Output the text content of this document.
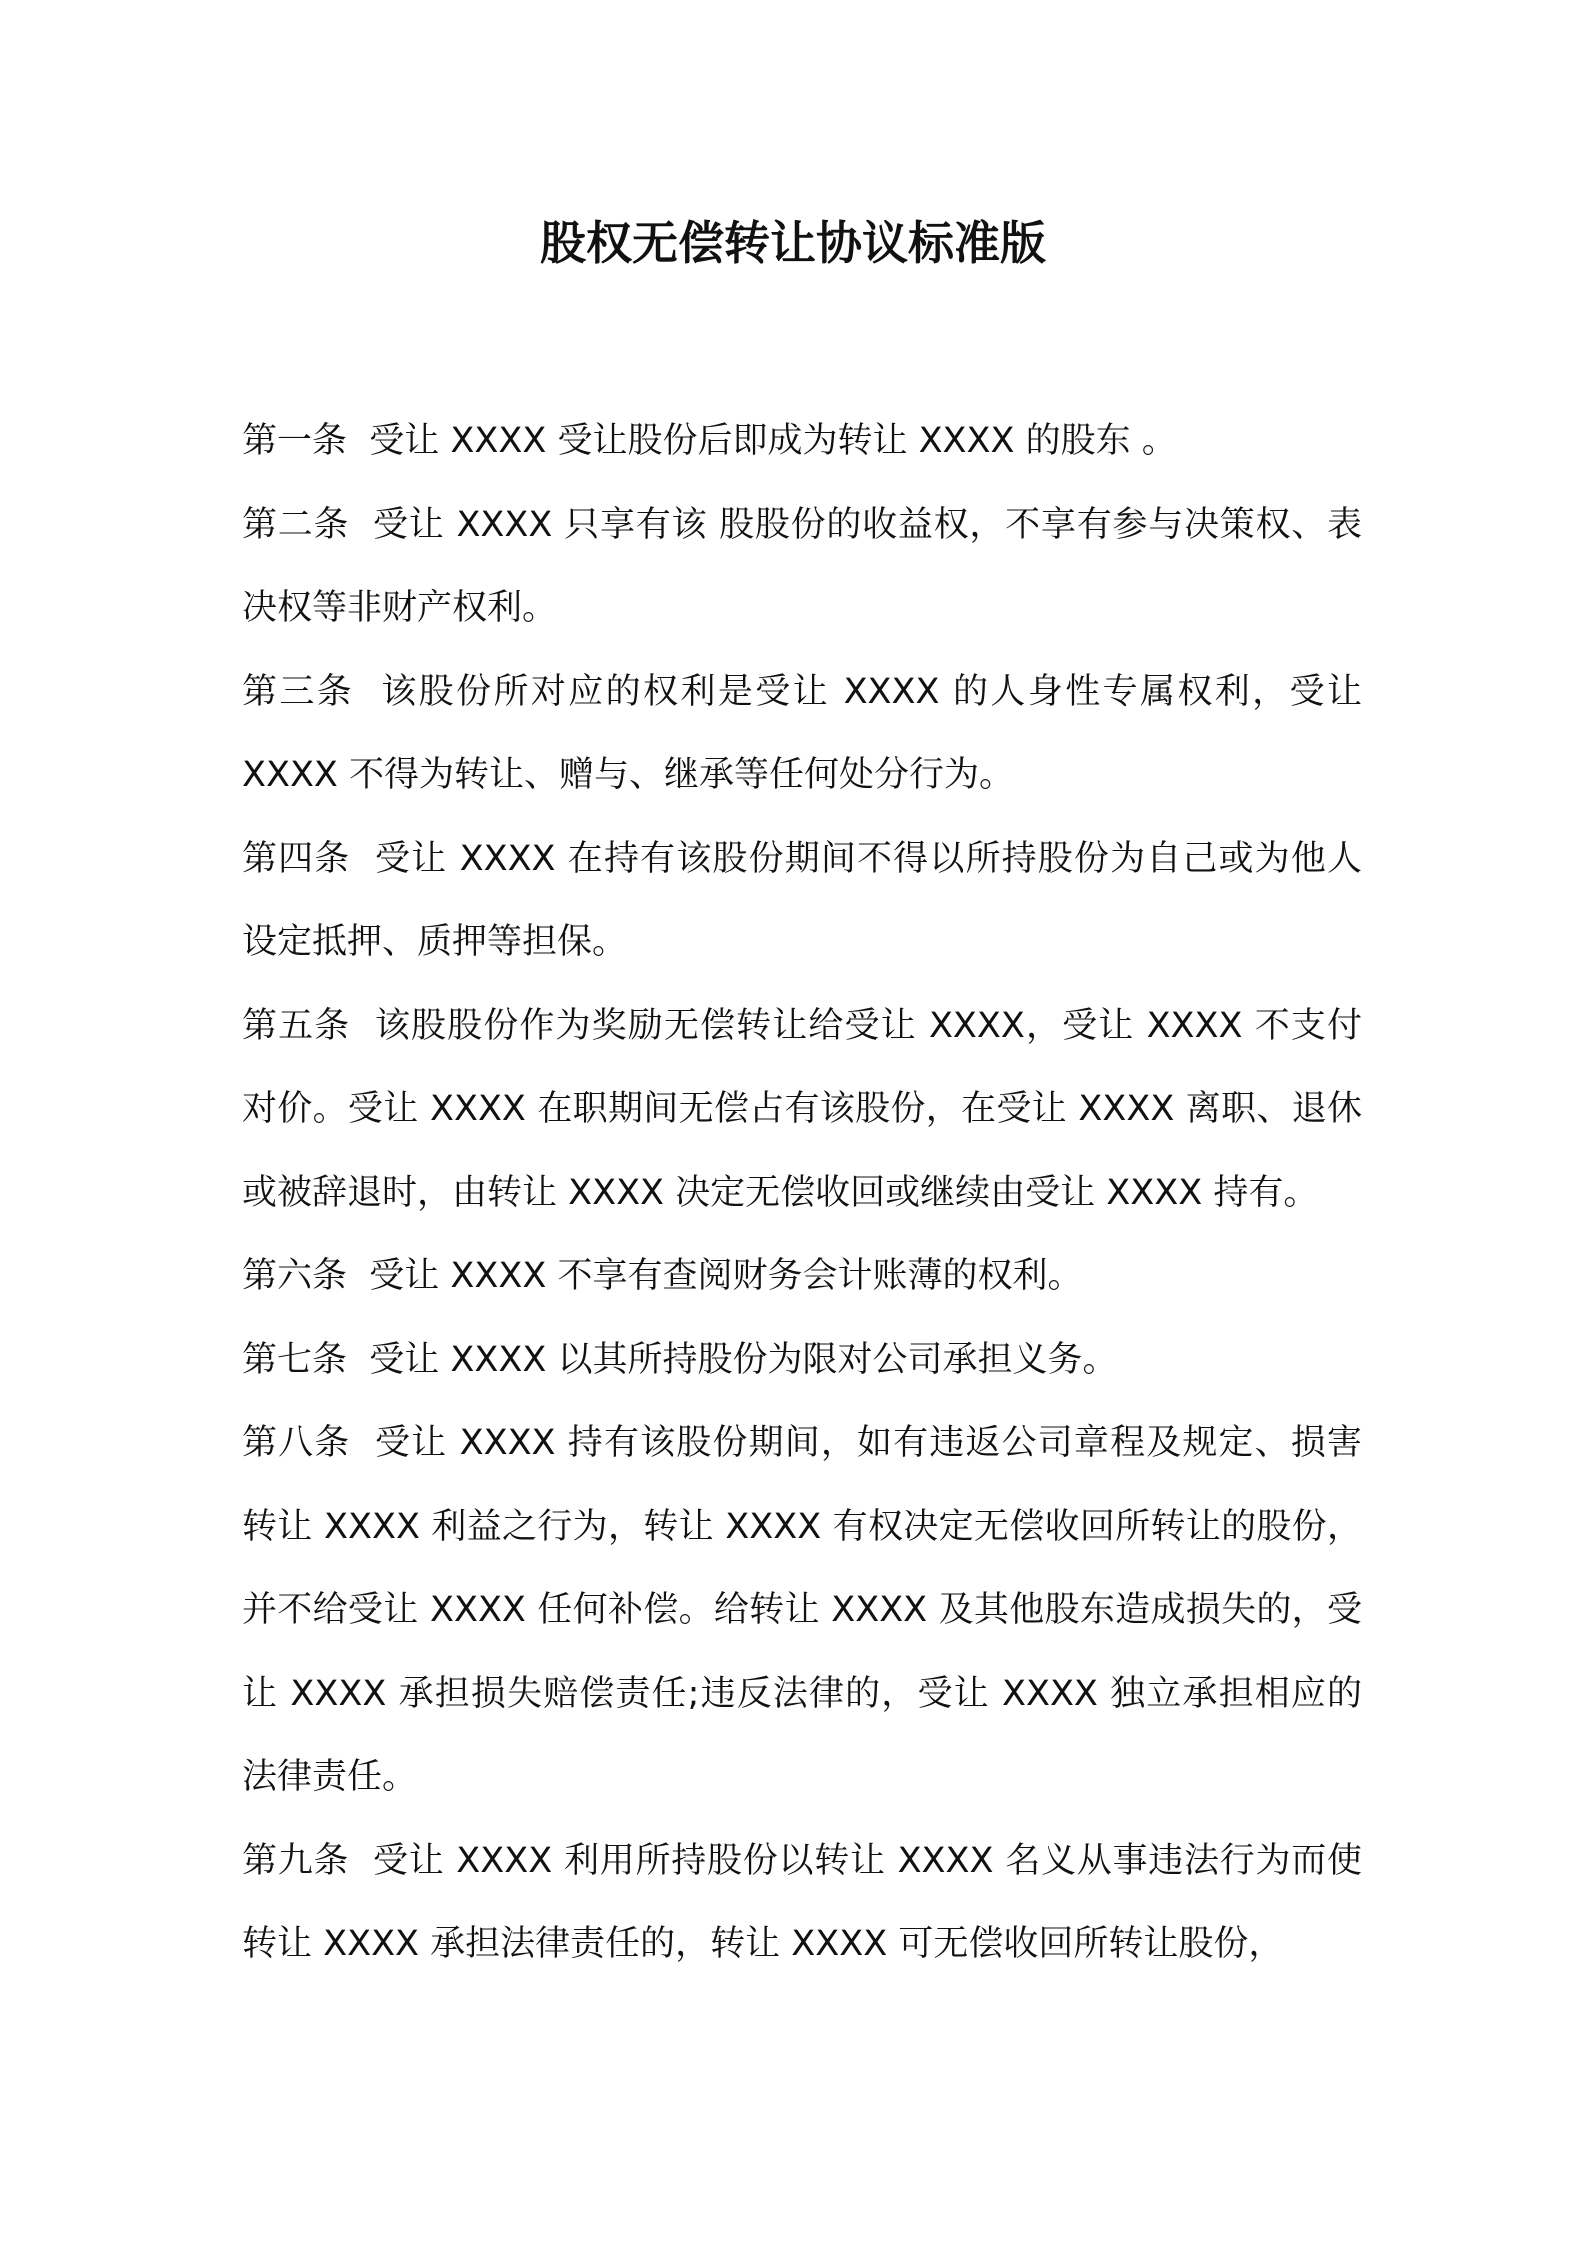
股权无偿转让协议标准版

第一条 受让 XXXX 受让股份后即成为转让 XXXX 的股东 。

第二条 受让 XXXX 只享有该 股股份的收益权，不享有参与决策权、表决权等非财产权利。

第三条 该股份所对应的权利是受让 XXXX 的人身性专属权利，受让 XXXX 不得为转让、赠与、继承等任何处分行为。

第四条 受让 XXXX 在持有该股份期间不得以所持股份为自己或为他人设定抵押、质押等担保。

第五条 该股股份作为奖励无偿转让给受让 XXXX，受让 XXXX 不支付对价。受让 XXXX 在职期间无偿占有该股份，在受让 XXXX 离职、退休或被辞退时，由转让 XXXX 决定无偿收回或继续由受让 XXXX 持有。

第六条 受让 XXXX 不享有查阅财务会计账薄的权利。

第七条 受让 XXXX 以其所持股份为限对公司承担义务。

第八条 受让 XXXX 持有该股份期间，如有违返公司章程及规定、损害转让 XXXX 利益之行为，转让 XXXX 有权决定无偿收回所转让的股份，并不给受让 XXXX 任何补偿。给转让 XXXX 及其他股东造成损失的，受让 XXXX 承担损失赔偿责任;违反法律的，受让 XXXX 独立承担相应的法律责任。

第九条 受让 XXXX 利用所持股份以转让 XXXX 名义从事违法行为而使转让 XXXX 承担法律责任的，转让 XXXX 可无偿收回所转让股份，
